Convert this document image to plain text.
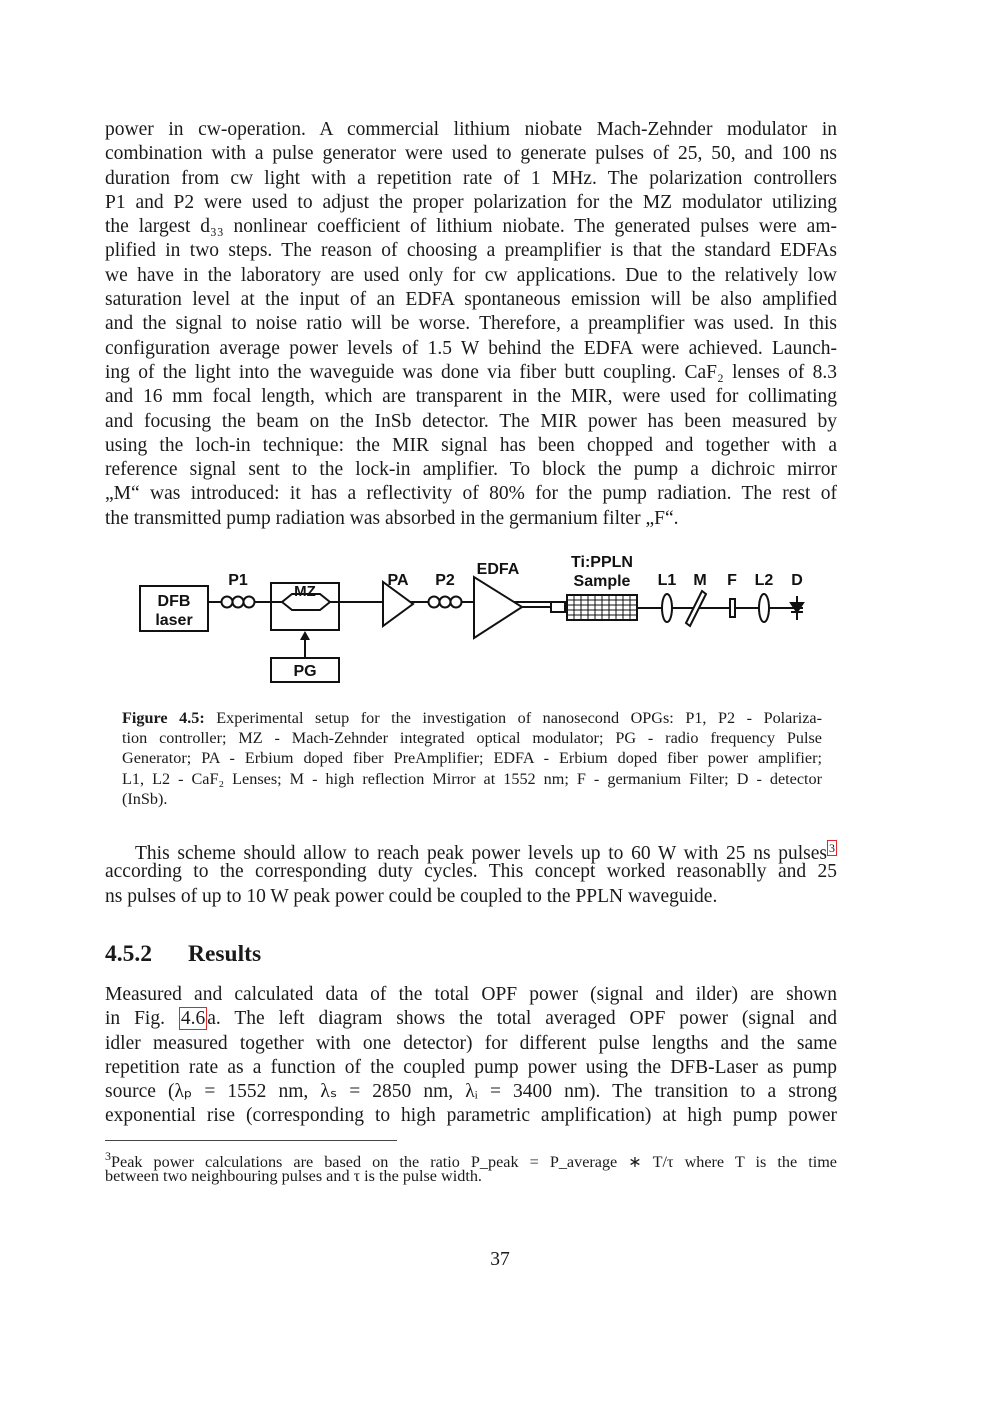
power in cw-operation. A commercial lithium niobate Mach-Zehnder modulator in
combination with a pulse generator were used to generate pulses of 25, 50, and 100 ns
duration from cw light with a repetition rate of 1 MHz. The polarization controllers
P1 and P2 were used to adjust the proper polarization for the MZ modulator utilizing
the largest d₃₃ nonlinear coefficient of lithium niobate. The generated pulses were am-
plified in two steps. The reason of choosing a preamplifier is that the standard EDFAs
we have in the laboratory are used only for cw applications. Due to the relatively low
saturation level at the input of an EDFA spontaneous emission will be also amplified
and the signal to noise ratio will be worse. Therefore, a preamplifier was used. In this
configuration average power levels of 1.5 W behind the EDFA were achieved. Launch-
ing of the light into the waveguide was done via fiber butt coupling. CaF₂ lenses of 8.3
and 16 mm focal length, which are transparent in the MIR, were used for collimating
and focusing the beam on the InSb detector. The MIR power has been measured by
using the loch-in technique: the MIR signal has been chopped and together with a
reference signal sent to the lock-in amplifier. To block the pump a dichroic mirror
„M“ was introduced: it has a reflectivity of 80% for the pump radiation. The rest of
the transmitted pump radiation was absorbed in the germanium filter „F“.
DFB
laser
P1
MZ
PG
PA P2
EDFA	Ti:PPLN
Sample L1 M F L2 D
Figure 4.5: Experimental setup for the investigation of nanosecond OPGs: P1, P2 - Polariza-
tion controller; MZ - Mach-Zehnder integrated optical modulator; PG - radio frequency Pulse
Generator; PA - Erbium doped fiber PreAmplifier; EDFA - Erbium doped fiber power amplifier;
L1, L2 - CaF₂ Lenses; M - high reflection Mirror at 1552 nm; F - germanium Filter; D - detector
(InSb).
This scheme should allow to reach peak power levels up to 60 W with 25 ns pulses $^3$
according to the corresponding duty cycles. This concept worked reasonablly and 25
ns pulses of up to 10 W peak power could be coupled to the PPLN waveguide.
4.5.2 Results
Measured and calculated data of the total OPF power (signal and ilder) are shown
in Fig. 4.6 a. The left diagram shows the total averaged OPF power (signal and
idler measured together with one detector) for different pulse lengths and the same
repetition rate as a function of the coupled pump power using the DFB-Laser as pump
source (λₚ = 1552 nm, λₛ = 2850 nm, λᵢ = 3400 nm). The transition to a strong
exponential rise (corresponding to high parametric amplification) at high pump power
$^3$Peak power calculations are based on the ratio P_peak = P_average ∗ T/τ where T is the time
between two neighbouring pulses and τ is the pulse width.
37
